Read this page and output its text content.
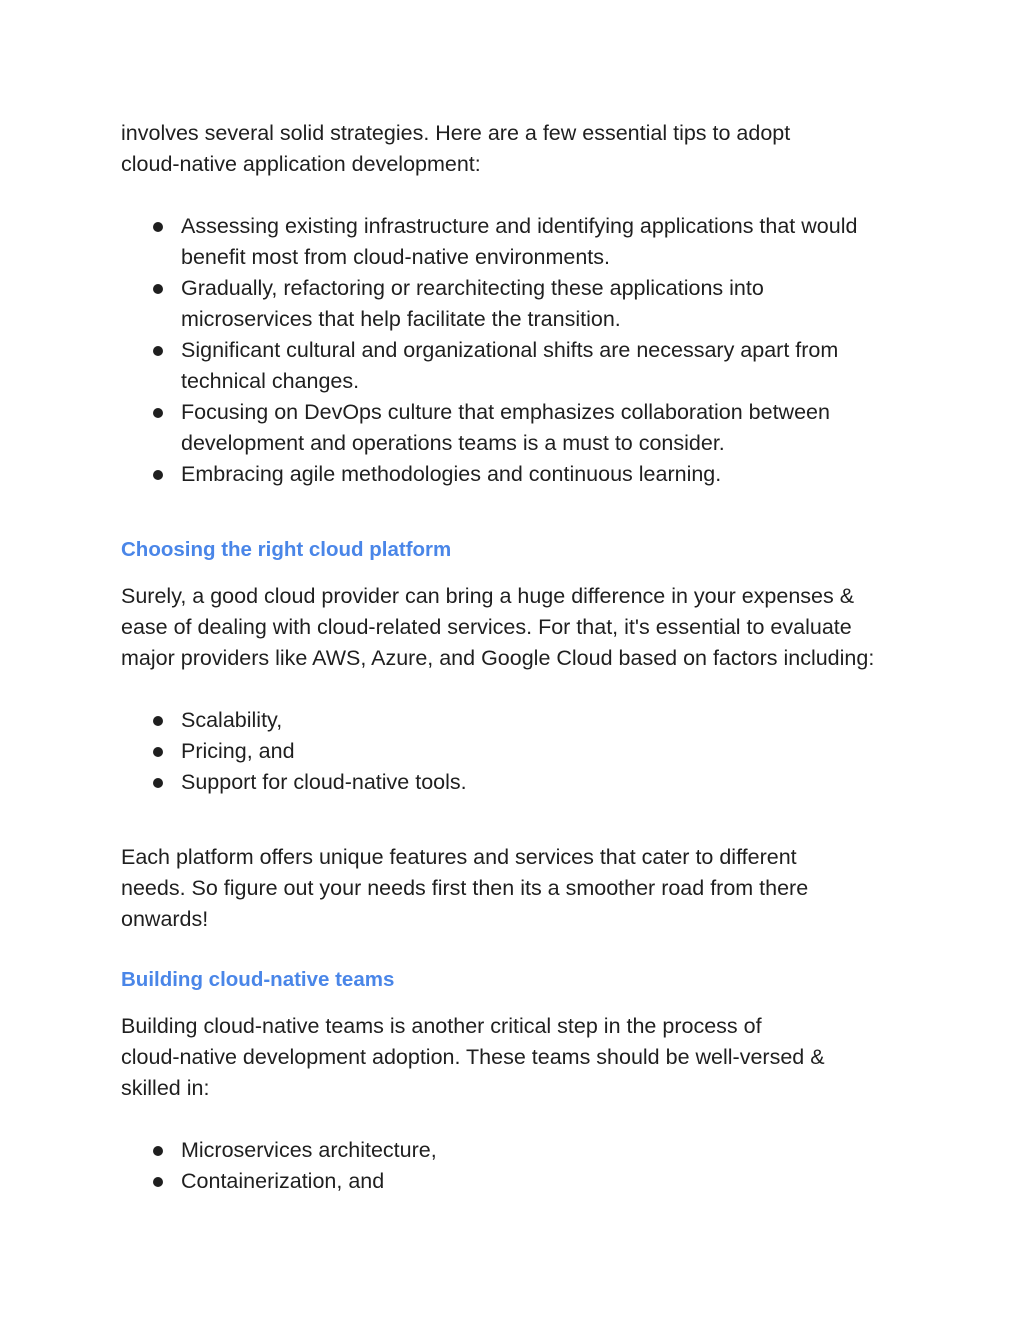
involves several solid strategies. Here are a few essential tips to adopt
cloud-native application development:

Assessing existing infrastructure and identifying applications that would
benefit most from cloud-native environments.
Gradually, refactoring or rearchitecting these applications into
microservices that help facilitate the transition.
Significant cultural and organizational shifts are necessary apart from
technical changes.
Focusing on DevOps culture that emphasizes collaboration between
development and operations teams is a must to consider.
Embracing agile methodologies and continuous learning.
Choosing the right cloud platform

Surely, a good cloud provider can bring a huge difference in your expenses &
ease of dealing with cloud-related services. For that, it's essential to evaluate
major providers like AWS, Azure, and Google Cloud based on factors including:

Scalability,
Pricing, and
Support for cloud-native tools.

Each platform offers unique features and services that cater to different
needs. So figure out your needs first then its a smoother road from there
onwards!

Building cloud-native teams

Building cloud-native teams is another critical step in the process of
cloud-native development adoption. These teams should be well-versed &
skilled in:

Microservices architecture,
Containerization, and
